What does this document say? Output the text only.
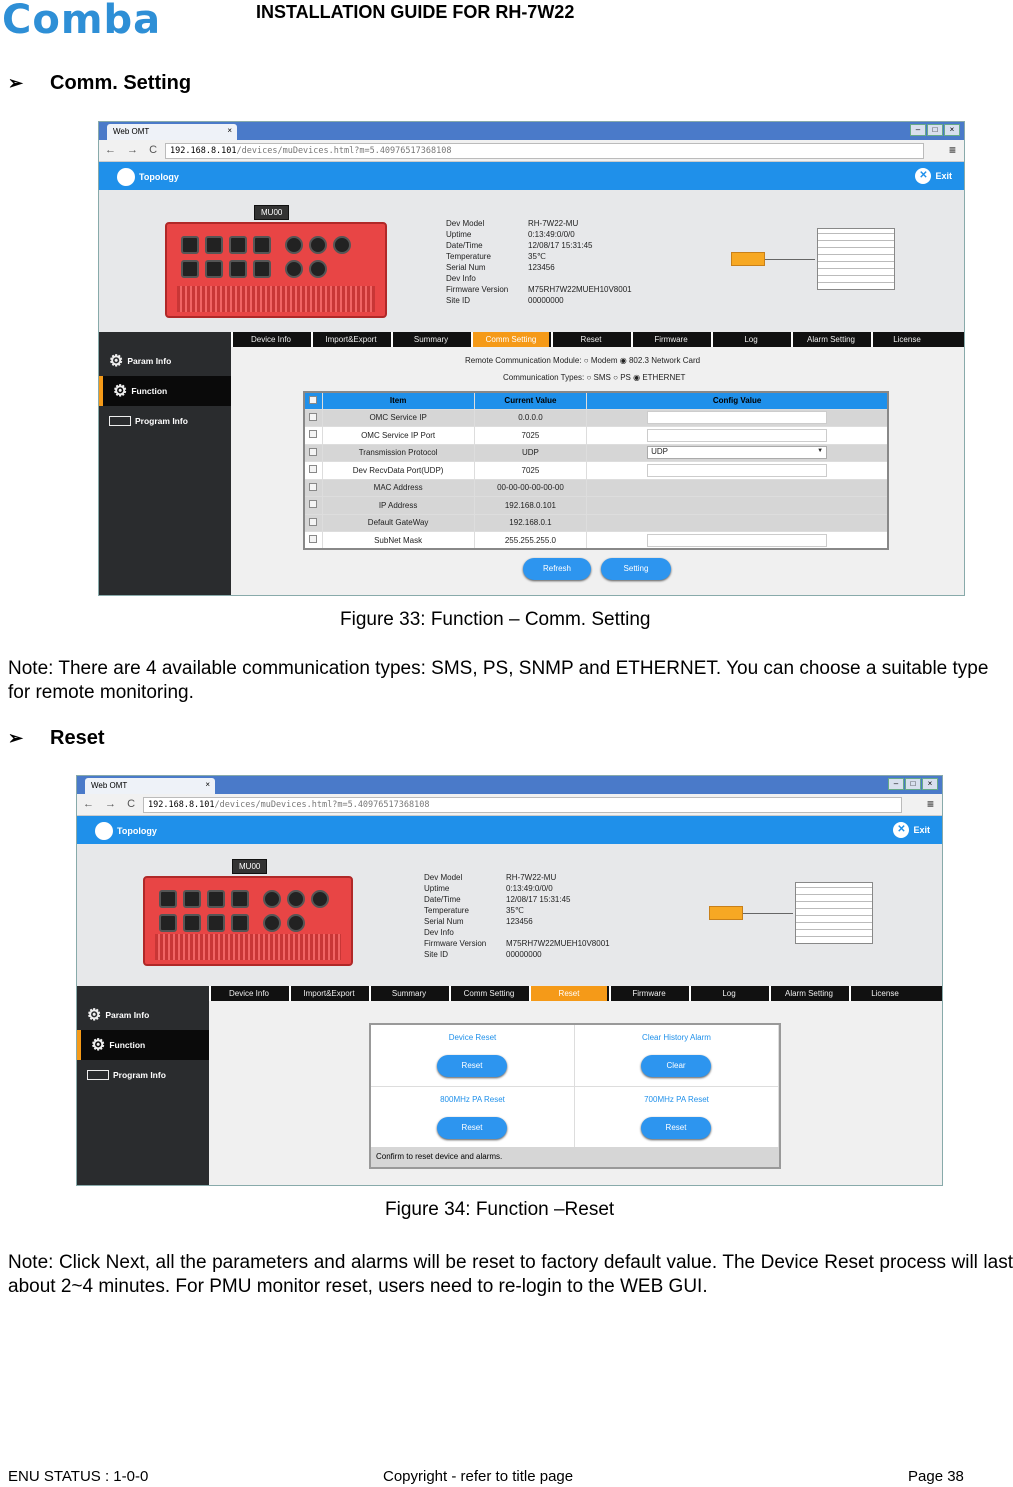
Comba	INSTALLATION GUIDE FOR RH-7W22
➢	Comm. Setting
Web OMT	×	–	□	×
← → C	192.168.8.101/devices/muDevices.html?m=5.40976517368108	≡
Topology	✕ Exit
MU00
Dev Model	RH-7W22-MU
Uptime	0:13:49:0/0/0
Date/Time	12/08/17 15:31:45
Temperature	35℃
Serial Num	123456
Dev Info
Firmware Version	M75RH7W22MUEH10V8001
Site ID	00000000
Device Info	Import&Export	Summary	Comm Setting	Reset	Firmware	Log	Alarm Setting	License
⚙ Param Info
⚙ Function
Program Info
Remote Communication Module: ○ Modem ◉ 802.3 Network Card
Communication Types: ○ SMS ○ PS ◉ ETHERNET
	Item	Current Value	Config Value
	OMC Service IP	0.0.0.0	

	OMC Service IP Port	7025	

	Transmission Protocol	UDP	UDP ▼

	Dev RecvData Port(UDP)	7025	

	MAC Address	00-00-00-00-00-00	
	IP Address	192.168.0.101	
	Default GateWay	192.168.0.1	
	SubNet Mask	255.255.255.0	
Refresh	Setting
Figure 33: Function – Comm. Setting
Note: There are 4 available communication types: SMS, PS, SNMP and ETHERNET. You can choose a suitable type for remote monitoring.
➢	Reset
Web OMT	×	–	□	×
← → C	192.168.8.101/devices/muDevices.html?m=5.40976517368108	≡
Topology	✕ Exit
MU00
Dev Model	RH-7W22-MU
Uptime	0:13:49:0/0/0
Date/Time	12/08/17 15:31:45
Temperature	35℃
Serial Num	123456
Dev Info
Firmware Version	M75RH7W22MUEH10V8001
Site ID	00000000
Device Info	Import&Export	Summary	Comm Setting	Reset	Firmware	Log	Alarm Setting	License
⚙ Param Info
⚙ Function
Program Info
Device Reset
Reset
Clear History Alarm
Clear
800MHz PA Reset
Reset
700MHz PA Reset
Reset
Confirm to reset device and alarms.
Figure 34: Function –Reset
Note: Click Next, all the parameters and alarms will be reset to factory default value. The Device Reset process will last about 2~4 minutes. For PMU monitor reset, users need to re-login to the WEB GUI.
ENU STATUS : 1-0-0	Copyright - refer to title page	Page 38
